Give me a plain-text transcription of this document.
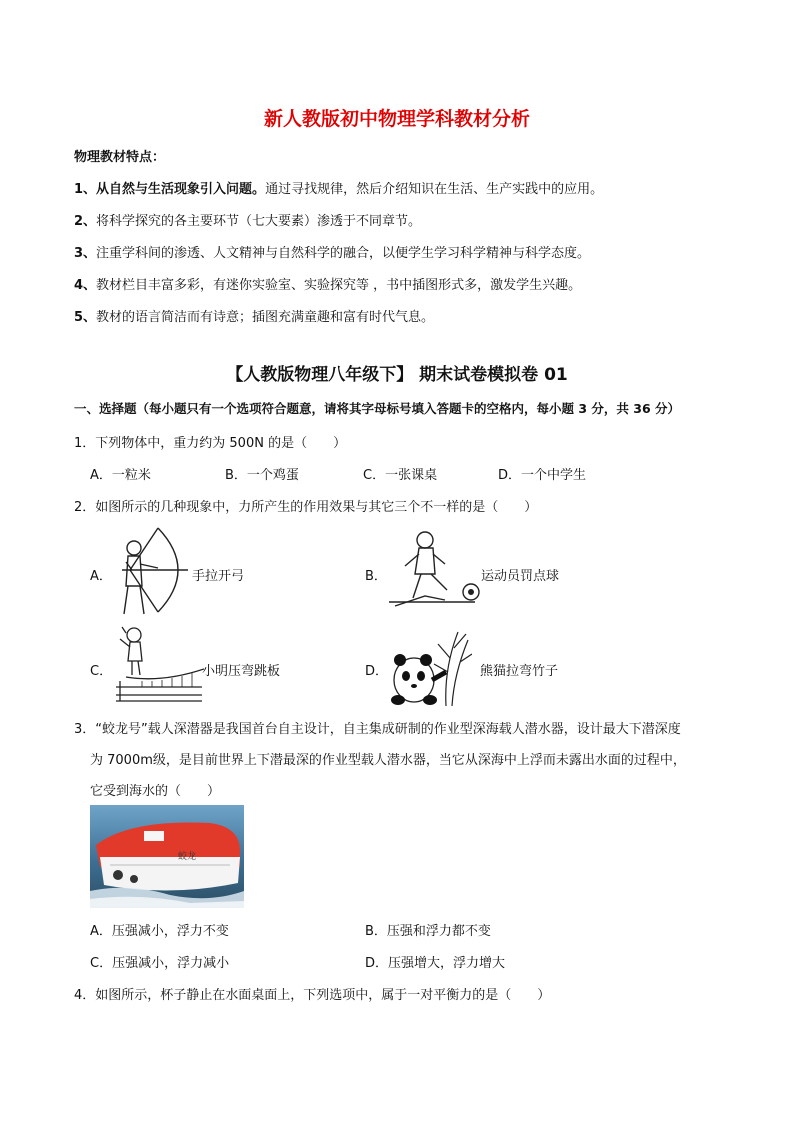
新人教版初中物理学科教材分析
物理教材特点：
1、从自然与生活现象引入问题。通过寻找规律，然后介绍知识在生活、生产实践中的应用。
2、将科学探究的各主要环节（七大要素）渗透于不同章节。
3、注重学科间的渗透、人文精神与自然科学的融合，以便学生学习科学精神与科学态度。
4、教材栏目丰富多彩，有迷你实验室、实验探究等 ，书中插图形式多，激发学生兴趣。
5、教材的语言简洁而有诗意；插图充满童趣和富有时代气息。
【人教版物理八年级下】 期末试卷模拟卷 01
一、选择题（每小题只有一个选项符合题意，请将其字母标号填入答题卡的空格内，每小题 3 分，共 36 分）
1．下列物体中，重力约为 500N 的是（　　）
A．一粒米	B．一个鸡蛋	C．一张课桌	D．一个中学生
2．如图所示的几种现象中，力所产生的作用效果与其它三个不一样的是（　　）
A．	手拉开弓	B．	运动员罚点球
C．	小明压弯跳板	D．	熊猫拉弯竹子
3．“蛟龙号”载人深潜器是我国首台自主设计，自主集成研制的作业型深海载人潜水器，设计最大下潜深度
为 7000m级，是目前世界上下潜最深的作业型载人潜水器，当它从深海中上浮而未露出水面的过程中，
它受到海水的（　　）
蛟龙
A．压强减小，浮力不变	B．压强和浮力都不变
C．压强减小，浮力减小	D．压强增大，浮力增大
4．如图所示，杯子静止在水面桌面上，下列选项中，属于一对平衡力的是（　　）
